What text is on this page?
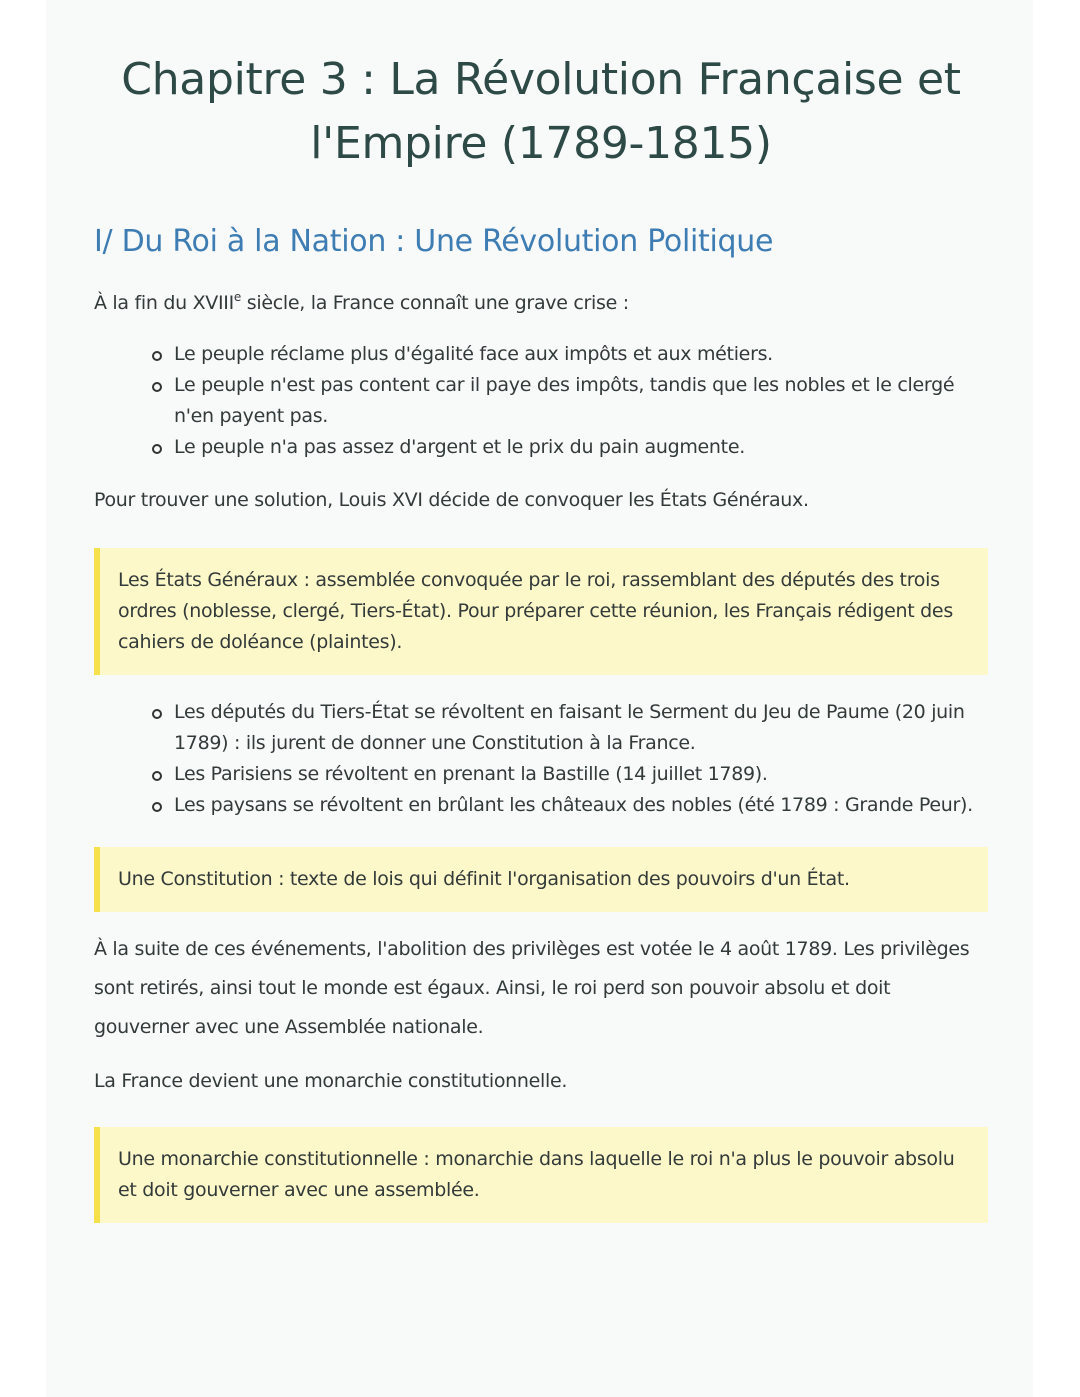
Chapitre 3 : La Révolution Française et l'Empire (1789-1815)
I/ Du Roi à la Nation : Une Révolution Politique

À la fin du XVIIIe siècle, la France connaît une grave crise :

Le peuple réclame plus d'égalité face aux impôts et aux métiers.
Le peuple n'est pas content car il paye des impôts, tandis que les nobles et le clergé n'en payent pas.
Le peuple n'a pas assez d'argent et le prix du pain augmente.

Pour trouver une solution, Louis XVI décide de convoquer les États Généraux.

Les États Généraux : assemblée convoquée par le roi, rassemblant des députés des trois ordres (noblesse, clergé, Tiers-État). Pour préparer cette réunion, les Français rédigent des cahiers de doléance (plaintes).

Les députés du Tiers-État se révoltent en faisant le Serment du Jeu de Paume (20 juin 1789) : ils jurent de donner une Constitution à la France.
Les Parisiens se révoltent en prenant la Bastille (14 juillet 1789).
Les paysans se révoltent en brûlant les châteaux des nobles (été 1789 : Grande Peur).

Une Constitution : texte de lois qui définit l'organisation des pouvoirs d'un État.

À la suite de ces événements, l'abolition des privilèges est votée le 4 août 1789. Les privilèges sont retirés, ainsi tout le monde est égaux. Ainsi, le roi perd son pouvoir absolu et doit gouverner avec une Assemblée nationale.

La France devient une monarchie constitutionnelle.

Une monarchie constitutionnelle : monarchie dans laquelle le roi n'a plus le pouvoir absolu et doit gouverner avec une assemblée.
